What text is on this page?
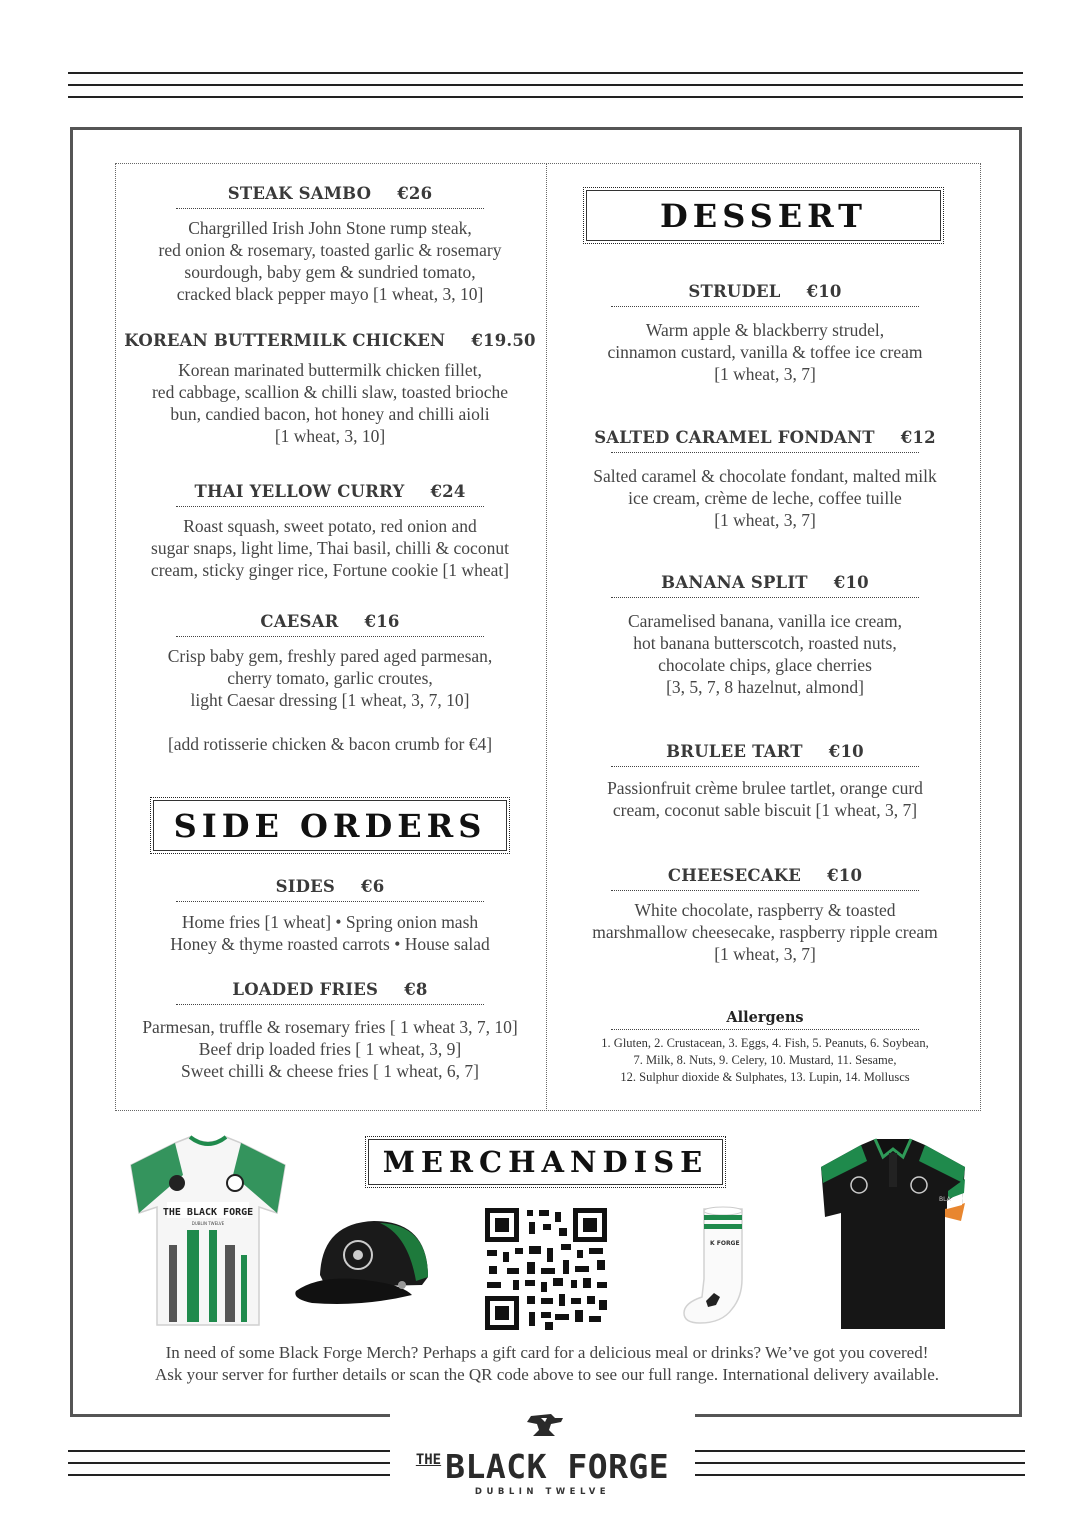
STEAK SAMBO €26
Chargrilled Irish John Stone rump steak,
red onion & rosemary, toasted garlic & rosemary
sourdough, baby gem & sundried tomato,
cracked black pepper mayo [1 wheat, 3, 10]
KOREAN BUTTERMILK CHICKEN €19.50
Korean marinated buttermilk chicken fillet,
red cabbage, scallion & chilli slaw, toasted brioche
bun, candied bacon, hot honey and chilli aioli
[1 wheat, 3, 10]
THAI YELLOW CURRY €24
Roast squash, sweet potato, red onion and
sugar snaps, light lime, Thai basil, chilli & coconut
cream, sticky ginger rice, Fortune cookie [1 wheat]
CAESAR €16
Crisp baby gem, freshly pared aged parmesan,
cherry tomato, garlic croutes,
light Caesar dressing [1 wheat, 3, 7, 10]

[add rotisserie chicken & bacon crumb for €4]
SIDE ORDERS
SIDES €6
Home fries [1 wheat] • Spring onion mash
Honey & thyme roasted carrots • House salad
LOADED FRIES €8
Parmesan, truffle & rosemary fries [ 1 wheat 3, 7, 10]
Beef drip loaded fries [ 1 wheat, 3, 9]
Sweet chilli & cheese fries [ 1 wheat, 6, 7]
DESSERT
STRUDEL €10
Warm apple & blackberry strudel,
cinnamon custard, vanilla & toffee ice cream
[1 wheat, 3, 7]
SALTED CARAMEL FONDANT €12
Salted caramel & chocolate fondant, malted milk
ice cream, crème de leche, coffee tuille
[1 wheat, 3, 7]
BANANA SPLIT €10
Caramelised banana, vanilla ice cream,
hot banana butterscotch, roasted nuts,
chocolate chips, glace cherries
[3, 5, 7, 8 hazelnut, almond]
BRULEE TART €10
Passionfruit crème brulee tartlet, orange curd
cream, coconut sable biscuit [1 wheat, 3, 7]
CHEESECAKE €10
White chocolate, raspberry & toasted
marshmallow cheesecake, raspberry ripple cream
[1 wheat, 3, 7]
Allergens
1. Gluten, 2. Crustacean, 3. Eggs, 4. Fish, 5. Peanuts, 6. Soybean,
7. Milk, 8. Nuts, 9. Celery, 10. Mustard, 11. Sesame,
12. Sulphur dioxide & Sulphates, 13. Lupin, 14. Molluscs
MERCHANDISE
THE BLACK FORGE
DUBLIN TWELVE
K FORGE
BLA
In need of some Black Forge Merch? Perhaps a gift card for a delicious meal or drinks? We’ve got you covered!
Ask your server for further details or scan the QR code above to see our full range. International delivery available.
$^{THE}$ BLACK FORGE
DUBLIN TWELVE
